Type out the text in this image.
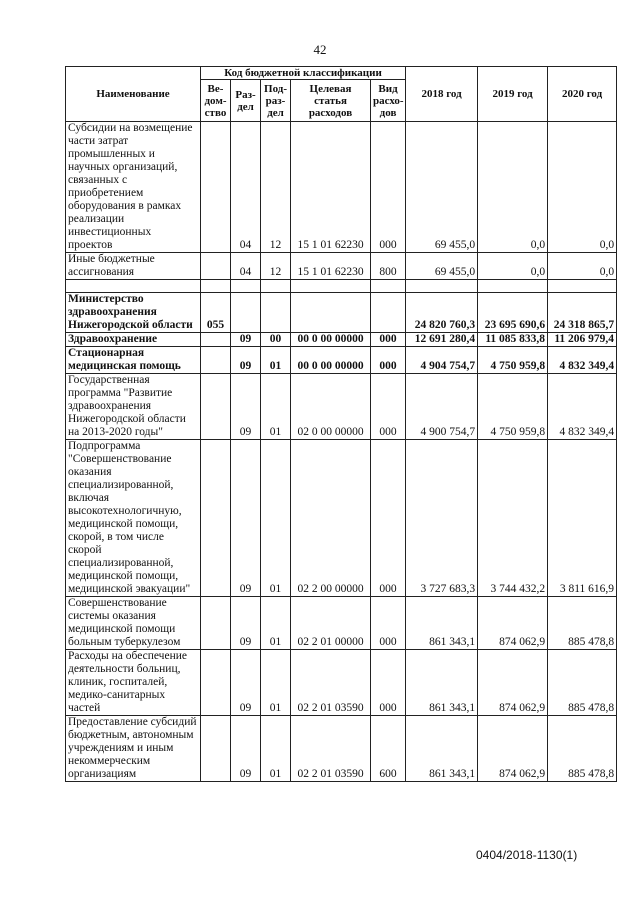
42
Наименование	Код бюджетной классификации					2018 год	2019 год	2020 год
	Ве-дом-ство	Раз-дел	Под-раз-дел	Целевая статья расходов	Вид расхо-дов			
Субсидии на возмещение части затрат промышленных и научных организаций, связанных с приобретением оборудования в рамках реализации инвестиционных проектов		04	12	15 1 01 62230	000	69 455,0	0,0	0,0
Иные бюджетные ассигнования		04	12	15 1 01 62230	800	69 455,0	0,0	0,0

Министерство здравоохранения Нижегородской области	055					24 820 760,3	23 695 690,6	24 318 865,7
Здравоохранение		09	00	00 0 00 00000	000	12 691 280,4	11 085 833,8	11 206 979,4
Стационарная медицинская помощь		09	01	00 0 00 00000	000	4 904 754,7	4 750 959,8	4 832 349,4
Государственная программа "Развитие здравоохранения Нижегородской области на 2013-2020 годы"		09	01	02 0 00 00000	000	4 900 754,7	4 750 959,8	4 832 349,4
Подпрограмма "Совершенствование оказания специализированной, включая высокотехнологичную, медицинской помощи, скорой, в том числе скорой специализированной, медицинской помощи, медицинской эвакуации"		09	01	02 2 00 00000	000	3 727 683,3	3 744 432,2	3 811 616,9
Совершенствование системы оказания медицинской помощи больным туберкулезом		09	01	02 2 01 00000	000	861 343,1	874 062,9	885 478,8
Расходы на обеспечение деятельности больниц, клиник, госпиталей, медико-санитарных частей		09	01	02 2 01 03590	000	861 343,1	874 062,9	885 478,8
Предоставление субсидий бюджетным, автономным учреждениям и иным некоммерческим организациям		09	01	02 2 01 03590	600	861 343,1	874 062,9	885 478,8
0404/2018-1130(1)
